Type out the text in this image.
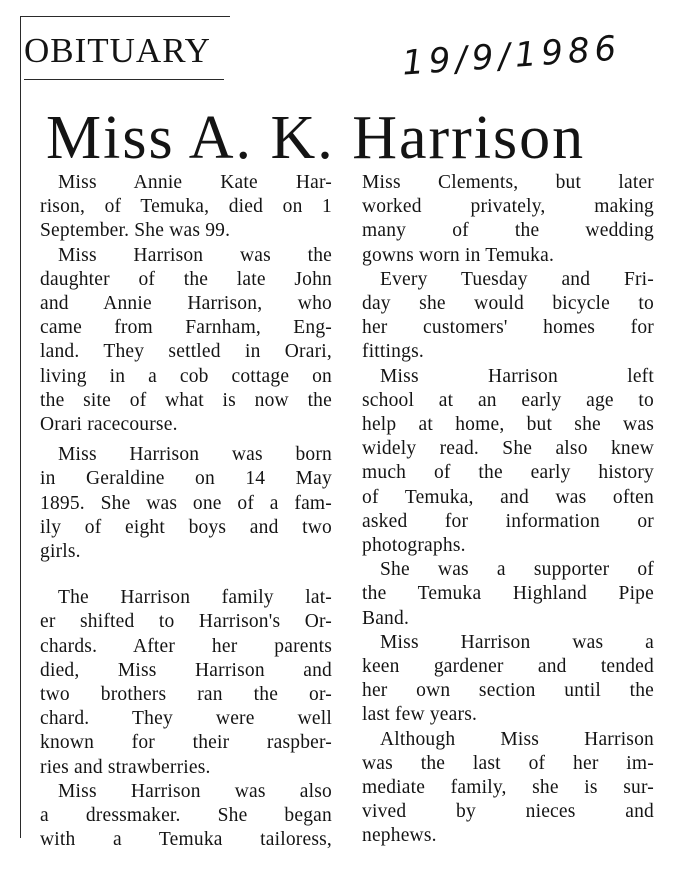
OBITUARY	19/9/1986
Miss A. K. Harrison
Miss Annie Kate Har-
rison, of Temuka, died on 1
September. She was 99.
Miss Harrison was the
daughter of the late John
and Annie Harrison, who
came from Farnham, Eng-
land. They settled in Orari,
living in a cob cottage on
the site of what is now the
Orari racecourse.
Miss Harrison was born
in Geraldine on 14 May
1895. She was one of a fam-
ily of eight boys and two
girls.
The Harrison family lat-
er shifted to Harrison's Or-
chards. After her parents
died, Miss Harrison and
two brothers ran the or-
chard. They were well
known for their raspber-
ries and strawberries.
Miss Harrison was also
a dressmaker. She began
with a Temuka tailoress,
Miss Clements, but later
worked privately, making
many of the wedding
gowns worn in Temuka.
Every Tuesday and Fri-
day she would bicycle to
her customers' homes for
fittings.
Miss Harrison left
school at an early age to
help at home, but she was
widely read. She also knew
much of the early history
of Temuka, and was often
asked for information or
photographs.
She was a supporter of
the Temuka Highland Pipe
Band.
Miss Harrison was a
keen gardener and tended
her own section until the
last few years.
Although Miss Harrison
was the last of her im-
mediate family, she is sur-
vived by nieces and
nephews.
